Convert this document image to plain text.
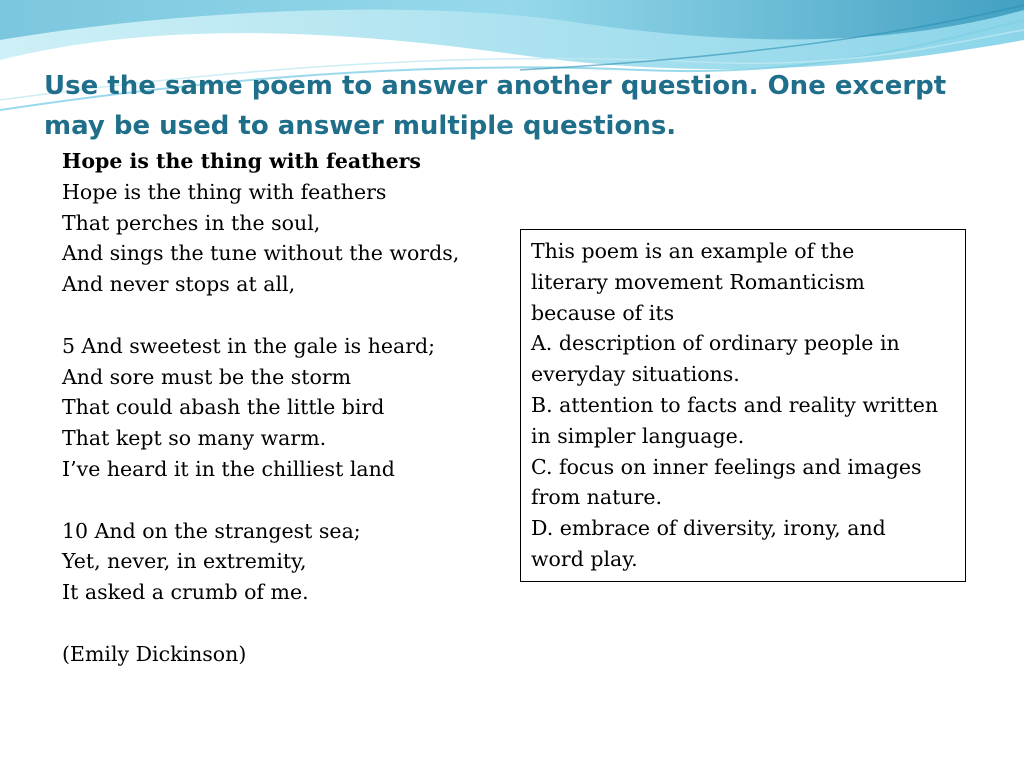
Use the same poem to answer another question. One excerpt
may be used to answer multiple questions.
Hope is the thing with feathers
Hope is the thing with feathers
That perches in the soul,
And sings the tune without the words,
And never stops at all,
5 And sweetest in the gale is heard;
And sore must be the storm
That could abash the little bird
That kept so many warm.
I’ve heard it in the chilliest land
10 And on the strangest sea;
Yet, never, in extremity,
It asked a crumb of me.
(Emily Dickinson)
This poem is an example of the
literary movement Romanticism
because of its
A. description of ordinary people in
everyday situations.
B. attention to facts and reality written
in simpler language.
C. focus on inner feelings and images
from nature.
D. embrace of diversity, irony, and
word play.
